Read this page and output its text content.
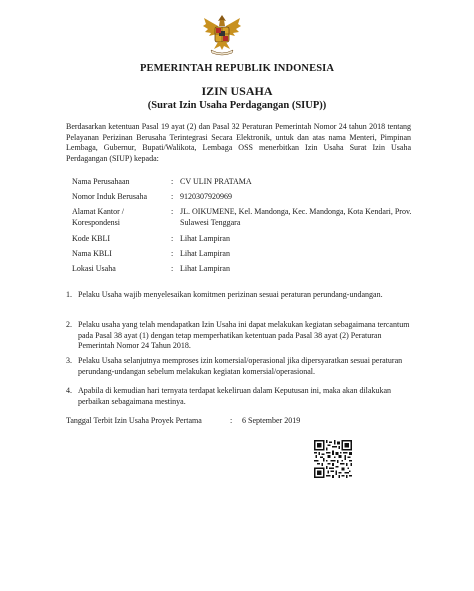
PEMERINTAH REPUBLIK INDONESIA
IZIN USAHA
(Surat Izin Usaha Perdagangan (SIUP))
Berdasarkan ketentuan Pasal 19 ayat (2) dan Pasal 32 Peraturan Pemerintah Nomor 24 tahun 2018 tentang Pelayanan Perizinan Berusaha Terintegrasi Secara Elektronik, untuk dan atas nama Menteri, Pimpinan Lembaga, Gubernur, Bupati/Walikota, Lembaga OSS menerbitkan Izin Usaha Surat Izin Usaha Perdagangan (SIUP) kepada:
Nama Perusahaan	: CV ULIN PRATAMA
Nomor Induk Berusaha	: 9120307920969
Alamat Kantor / Korespondensi
: JL. OIKUMENE, Kel. Mandonga, Kec. Mandonga, Kota Kendari, Prov. Sulawesi Tenggara
Kode KBLI	: Lihat Lampiran
Nama KBLI	: Lihat Lampiran
Lokasi Usaha	: Lihat Lampiran
1. Pelaku Usaha wajib menyelesaikan komitmen perizinan sesuai peraturan perundang-undangan.
2. Pelaku usaha yang telah mendapatkan Izin Usaha ini dapat melakukan kegiatan sebagaimana tercantum pada Pasal 38 ayat (1) dengan tetap memperhatikan ketentuan pada Pasal 38 ayat (2) Peraturan Pemerintah Nomor 24 Tahun 2018.
3. Pelaku Usaha selanjutnya memproses izin komersial/operasional jika dipersyaratkan sesuai peraturan perundang-undangan sebelum melakukan kegiatan komersial/operasional.
4. Apabila di kemudian hari ternyata terdapat kekeliruan dalam Keputusan ini, maka akan dilakukan perbaikan sebagaimana mestinya.
Tanggal Terbit Izin Usaha Proyek Pertama	: 6 September 2019
